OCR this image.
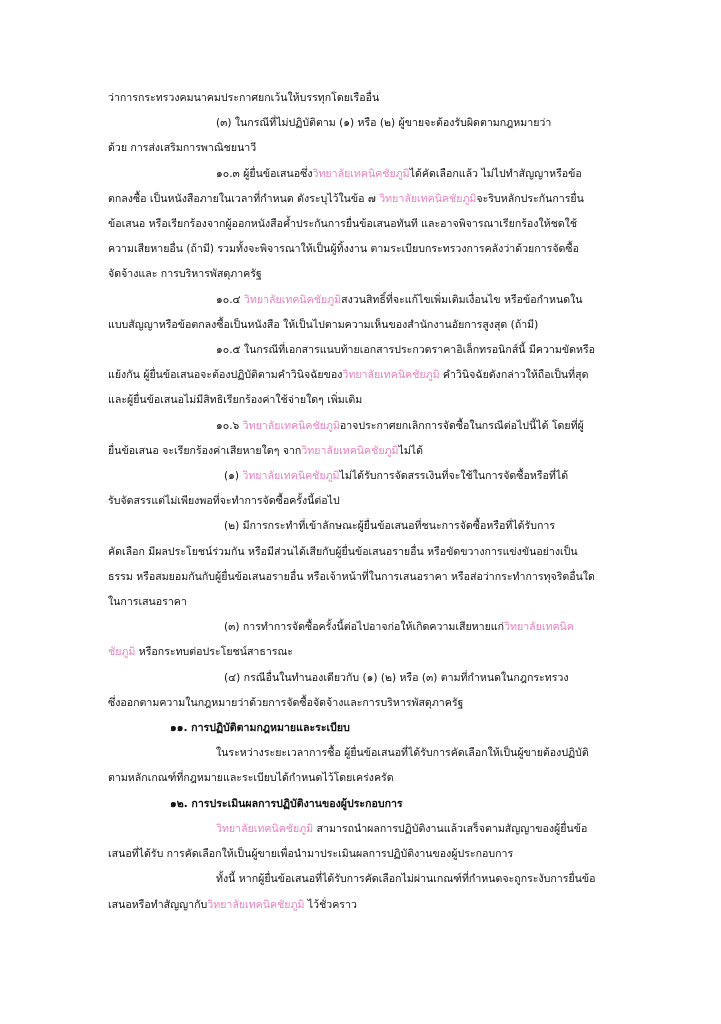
ว่าการกระทรวงคมนาคมประกาศยกเว้นให้บรรทุกโดยเรืออื่น

(๓) ในกรณีที่ไม่ปฏิบัติตาม (๑) หรือ (๒) ผู้ขายจะต้องรับผิดตามกฎหมายว่า

ด้วย การส่งเสริมการพาณิชยนาวี

๑๐.๓ ผู้ยื่นข้อเสนอซึ่งวิทยาลัยเทคนิคชัยภูมิได้คัดเลือกแล้ว ไม่ไปทำสัญญาหรือข้อ

ตกลงซื้อ เป็นหนังสือภายในเวลาที่กำหนด ดังระบุไว้ในข้อ ๗ วิทยาลัยเทคนิคชัยภูมิจะริบหลักประกันการยื่น

ข้อเสนอ หรือเรียกร้องจากผู้ออกหนังสือค้ำประกันการยื่นข้อเสนอทันที และอาจพิจารณาเรียกร้องให้ชดใช้

ความเสียหายอื่น (ถ้ามี) รวมทั้งจะพิจารณาให้เป็นผู้ทิ้งงาน ตามระเบียบกระทรวงการคลังว่าด้วยการจัดซื้อ

จัดจ้างและ การบริหารพัสดุภาครัฐ

๑๐.๔ วิทยาลัยเทคนิคชัยภูมิสงวนสิทธิ์ที่จะแก้ไขเพิ่มเติมเงื่อนไข หรือข้อกำหนดใน

แบบสัญญาหรือข้อตกลงซื้อเป็นหนังสือ ให้เป็นไปตามความเห็นของสำนักงานอัยการสูงสุด (ถ้ามี)

๑๐.๕ ในกรณีที่เอกสารแนบท้ายเอกสารประกวดราคาอิเล็กทรอนิกส์นี้ มีความขัดหรือ

แย้งกัน ผู้ยื่นข้อเสนอจะต้องปฏิบัติตามคำวินิจฉัยของวิทยาลัยเทคนิคชัยภูมิ คำวินิจฉัยดังกล่าวให้ถือเป็นที่สุด

และผู้ยื่นข้อเสนอไม่มีสิทธิเรียกร้องค่าใช้จ่ายใดๆ เพิ่มเติม

๑๐.๖ วิทยาลัยเทคนิคชัยภูมิอาจประกาศยกเลิกการจัดซื้อในกรณีต่อไปนี้ได้ โดยที่ผู้

ยื่นข้อเสนอ จะเรียกร้องค่าเสียหายใดๆ จากวิทยาลัยเทคนิคชัยภูมิไม่ได้

(๑) วิทยาลัยเทคนิคชัยภูมิไม่ได้รับการจัดสรรเงินที่จะใช้ในการจัดซื้อหรือที่ได้

รับจัดสรรแต่ไม่เพียงพอที่จะทำการจัดซื้อครั้งนี้ต่อไป

(๒) มีการกระทำที่เข้าลักษณะผู้ยื่นข้อเสนอที่ชนะการจัดซื้อหรือที่ได้รับการ

คัดเลือก มีผลประโยชน์ร่วมกัน หรือมีส่วนได้เสียกับผู้ยื่นข้อเสนอรายอื่น หรือขัดขวางการแข่งขันอย่างเป็น

ธรรม หรือสมยอมกันกับผู้ยื่นข้อเสนอรายอื่น หรือเจ้าหน้าที่ในการเสนอราคา หรือส่อว่ากระทำการทุจริตอื่นใด

ในการเสนอราคา

(๓) การทำการจัดซื้อครั้งนี้ต่อไปอาจก่อให้เกิดความเสียหายแก่วิทยาลัยเทคนิค

ชัยภูมิ หรือกระทบต่อประโยชน์สาธารณะ

(๔) กรณีอื่นในทำนองเดียวกับ (๑) (๒) หรือ (๓) ตามที่กำหนดในกฎกระทรวง

ซึ่งออกตามความในกฎหมายว่าด้วยการจัดซื้อจัดจ้างและการบริหารพัสดุภาครัฐ

๑๑. การปฏิบัติตามกฎหมายและระเบียบ

ในระหว่างระยะเวลาการซื้อ ผู้ยื่นข้อเสนอที่ได้รับการคัดเลือกให้เป็นผู้ขายต้องปฏิบัติ

ตามหลักเกณฑ์ที่กฎหมายและระเบียบได้กำหนดไว้โดยเคร่งครัด

๑๒. การประเมินผลการปฏิบัติงานของผู้ประกอบการ

วิทยาลัยเทคนิคชัยภูมิ สามารถนำผลการปฏิบัติงานแล้วเสร็จตามสัญญาของผู้ยื่นข้อ

เสนอที่ได้รับ การคัดเลือกให้เป็นผู้ขายเพื่อนำมาประเมินผลการปฏิบัติงานของผู้ประกอบการ

ทั้งนี้ หากผู้ยื่นข้อเสนอที่ได้รับการคัดเลือกไม่ผ่านเกณฑ์ที่กำหนดจะถูกระงับการยื่นข้อ

เสนอหรือทำสัญญากับวิทยาลัยเทคนิคชัยภูมิ ไว้ชั่วคราว
